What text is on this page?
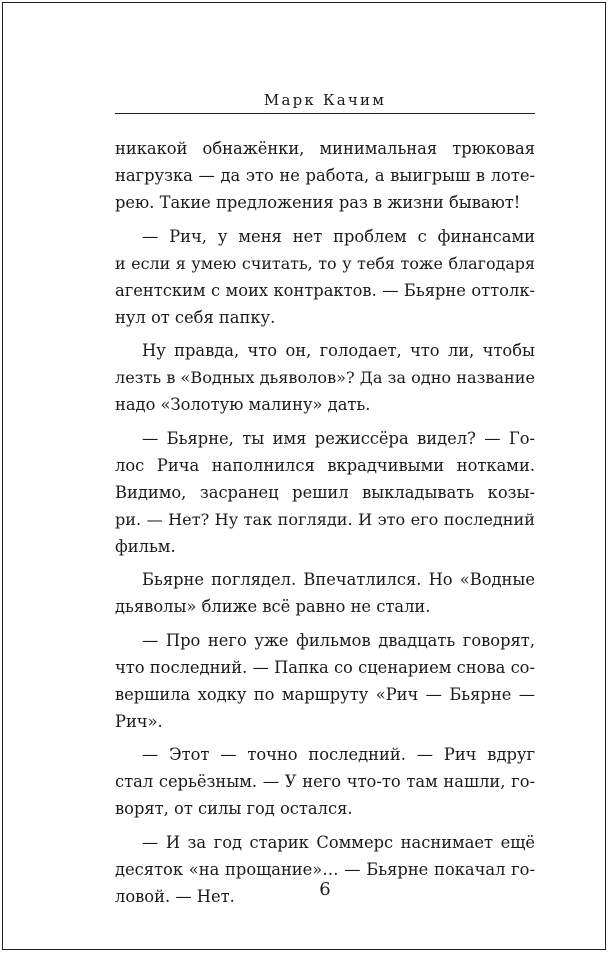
Марк Качим
никакой обнажёнки, минимальная трюковая
нагрузка — да это не работа, а выигрыш в лоте-
рею. Такие предложения раз в жизни бывают!
— Рич, у меня нет проблем с финансами
и если я умею считать, то у тебя тоже благодаря
агентским с моих контрактов. — Бьярне оттолк-
нул от себя папку.
Ну правда, что он, голодает, что ли, чтобы
лезть в «Водных дьяволов»? Да за одно название
надо «Золотую малину» дать.
— Бьярне, ты имя режиссёра видел? — Го-
лос Рича наполнился вкрадчивыми нотками.
Видимо, засранец решил выкладывать козы-
ри. — Нет? Ну так погляди. И это его последний
фильм.
Бьярне поглядел. Впечатлился. Но «Водные
дьяволы» ближе всё равно не стали.
— Про него уже фильмов двадцать говорят,
что последний. — Папка со сценарием снова со-
вершила ходку по маршруту «Рич — Бьярне —
Рич».
— Этот — точно последний. — Рич вдруг
стал серьёзным. — У него что-то там нашли, го-
ворят, от силы год остался.
— И за год старик Соммерс наснимает ещё
десяток «на прощание»… — Бьярне покачал го-
ловой. — Нет.	6
